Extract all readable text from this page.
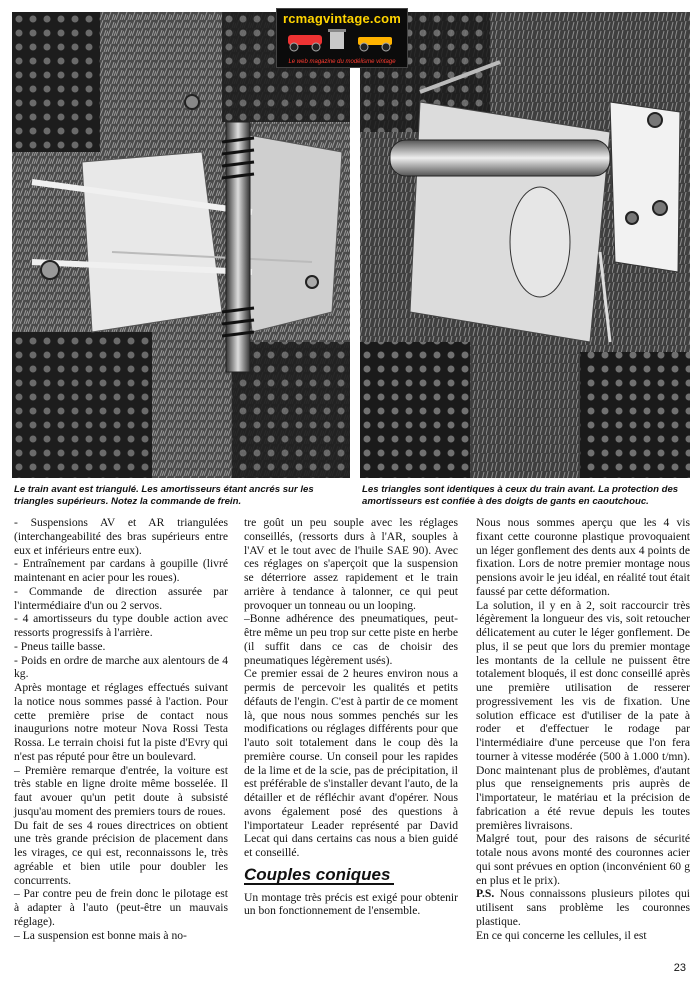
rcmagvintage.com
Le web magazine du modélisme vintage
Le train avant est triangulé. Les amortisseurs étant ancrés sur les triangles supérieurs. Notez la commande de frein.
Les triangles sont identiques à ceux du train avant. La protection des amortisseurs est confiée à des doigts de gants en caoutchouc.

- Suspensions AV et AR triangulées (interchangeabilité des bras supérieurs entre eux et inférieurs entre eux).

- Entraînement par cardans à goupille (livré maintenant en acier pour les roues).

- Commande de direction assurée par l'intermédiaire d'un ou 2 servos.

- 4 amortisseurs du type double action avec ressorts progressifs à l'arrière.

- Pneus taille basse.

- Poids en ordre de marche aux alentours de 4 kg.

Après montage et réglages effectués suivant la notice nous sommes passé à l'action. Pour cette première prise de contact nous inaugurions notre moteur Nova Rossi Testa Rossa. Le terrain choisi fut la piste d'Evry qui n'est pas réputé pour être un boulevard.

– Première remarque d'entrée, la voiture est très stable en ligne droite même bosselée. Il faut avouer qu'un petit doute à subsisté jusqu'au moment des premiers tours de roues.

Du fait de ses 4 roues directrices on obtient une très grande précision de placement dans les virages, ce qui est, reconnaissons le, très agréable et bien utile pour doubler les concurrents.

– Par contre peu de frein donc le pilotage est à adapter à l'auto (peut-être un mauvais réglage).

– La suspension est bonne mais à no-

tre goût un peu souple avec les réglages conseillés, (ressorts durs à l'AR, souples à l'AV et le tout avec de l'huile SAE 90). Avec ces réglages on s'aperçoit que la suspension se déterriore assez rapidement et le train arrière à tendance à talonner, ce qui peut provoquer un tonneau ou un looping.

–Bonne adhérence des pneumatiques, peut-être même un peu trop sur cette piste en herbe (il suffit dans ce cas de choisir des pneumatiques légèrement usés).

Ce premier essai de 2 heures environ nous a permis de percevoir les qualités et petits défauts de l'engin. C'est à partir de ce moment là, que nous nous sommes penchés sur les modifications ou réglages différents pour que l'auto soit totalement dans le coup dès la première course. Un conseil pour les rapides de la lime et de la scie, pas de précipitation, il est préférable de s'installer devant l'auto, de la détailler et de réfléchir avant d'opérer. Nous avons également posé des questions à l'importateur Leader représenté par David Lecat qui dans certains cas nous a bien guidé et conseillé.

Couples coniques

Un montage très précis est exigé pour obtenir un bon fonctionnement de l'ensemble.

Nous nous sommes aperçu que les 4 vis fixant cette couronne plastique provoquaient un léger gonflement des dents aux 4 points de fixation. Lors de notre premier montage nous pensions avoir le jeu idéal, en réalité tout était faussé par cette déformation.

La solution, il y en à 2, soit raccourcir très légèrement la longueur des vis, soit retoucher délicatement au cuter le léger gonflement. De plus, il se peut que lors du premier montage les montants de la cellule ne puissent être totalement bloqués, il est donc conseillé après une première utilisation de resserer progressivement les vis de fixation. Une solution efficace est d'utiliser de la pate à roder et d'effectuer le rodage par l'intermédiaire d'une perceuse que l'on fera tourner à vitesse modérée (500 à 1.000 t/mn). Donc maintenant plus de problèmes, d'autant plus que renseignements pris auprès de l'importateur, le matériau et la précision de fabrication a été revue depuis les toutes premières livraisons.

Malgré tout, pour des raisons de sécurité totale nous avons monté des couronnes acier qui sont prévues en option (inconvénient 60 g en plus et le prix).

P.S. Nous connaissons plusieurs pilotes qui utilisent sans problème les couronnes plastique.

En ce qui concerne les cellules, il est

23
